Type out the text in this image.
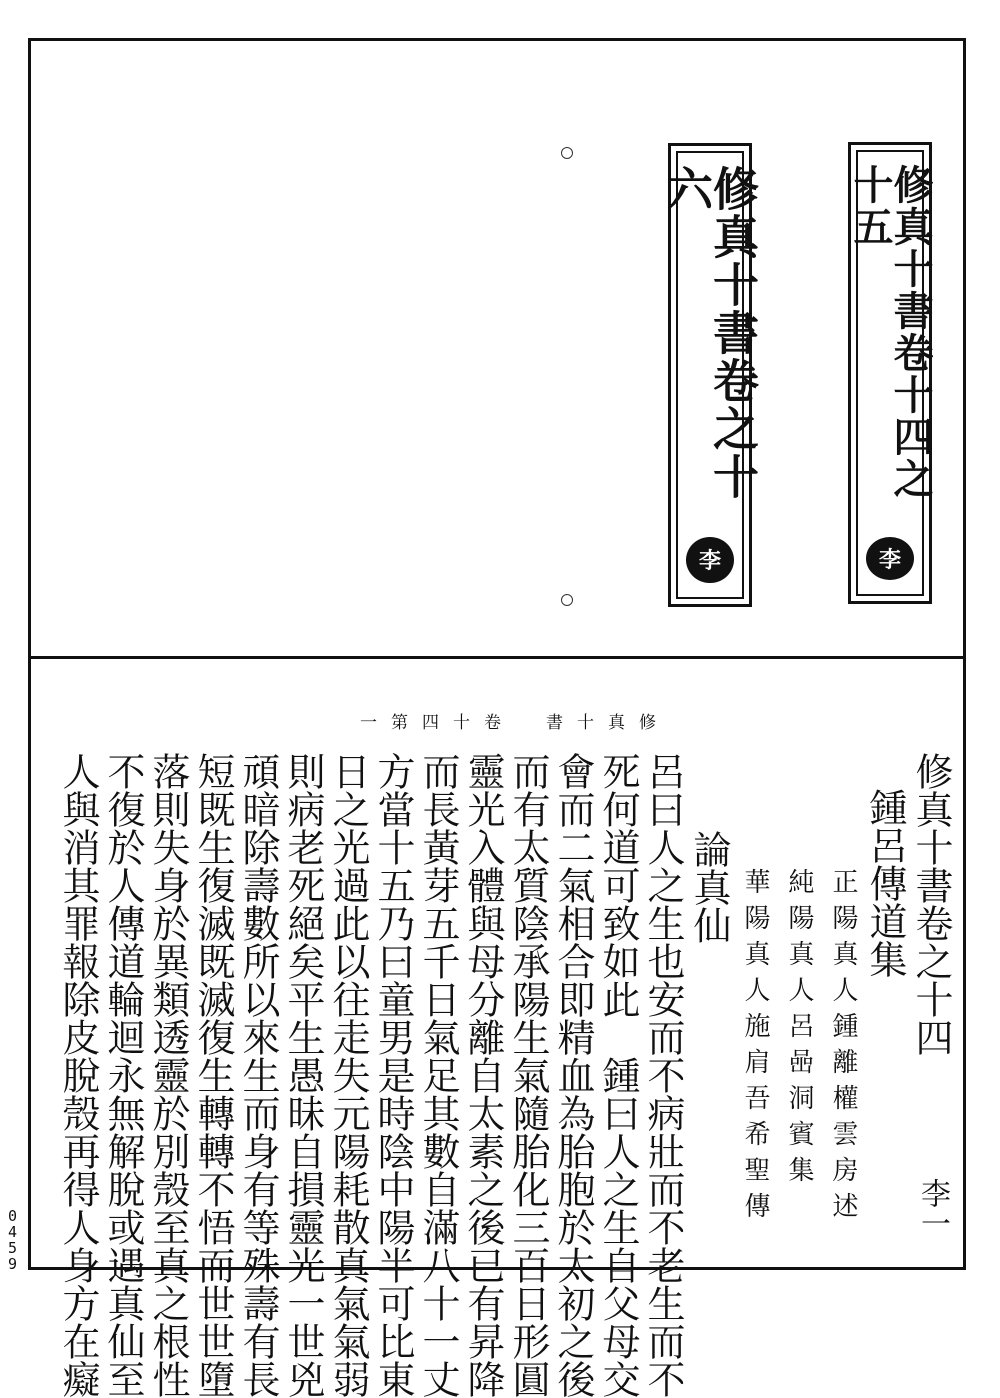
修真十書卷十四之十五
李
修真十書卷之十六
李
一第四十卷　書十真修
修真十書卷之十四
鍾呂傳道集
正陽真人鍾離權雲房述
純陽真人呂喦洞賓集
華陽真人施肩吾希聖傳
論真仙
呂曰人之生也安而不病壯而不老生而不
死何道可致如此　鍾曰人之生自父母交
會而二氣相合即精血為胎胞於太初之後
而有太質陰承陽生氣隨胎化三百日形圓
靈光入體與母分離自太素之後已有昇降
而長黃芽五千日氣足其數自滿八十一丈
方當十五乃曰童男是時陰中陽半可比東
日之光過此以往走失元陽耗散真氣氣弱
則病老死絕矣平生愚昧自損靈光一世兇
頑暗除壽數所以來生而身有等殊壽有長
短既生復滅既滅復生轉轉不悟而世世墮
落則失身於異類透靈於別殼至真之根性
不復於人傳道輪迴永無解脫或遇真仙至
人與消其罪報除皮脫殼再得人身方在癡	李一
0459
